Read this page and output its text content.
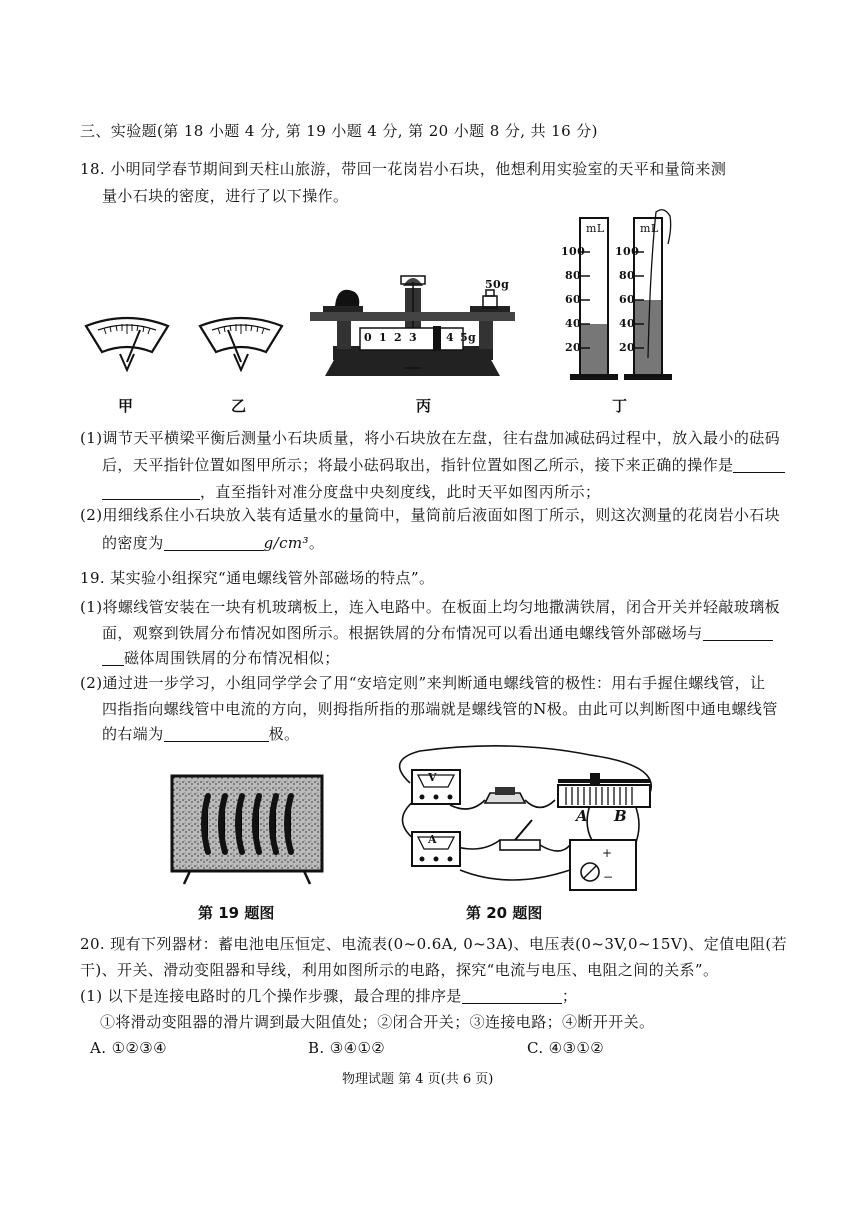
三、实验题(第 18 小题 4 分, 第 19 小题 4 分, 第 20 小题 8 分, 共 16 分)
18. 小明同学春节期间到天柱山旅游，带回一花岗岩小石块，他想利用实验室的天平和量筒来测
量小石块的密度，进行了以下操作。
50g
0 1 2 3	4 5g
mL	mL
100
80
60
40
20
100
80
60
40
20
甲	乙	丙	丁
(1)调节天平横梁平衡后测量小石块质量，将小石块放在左盘，往右盘加减砝码过程中，放入最小的砝码
后，天平指针位置如图甲所示；将最小砝码取出，指针位置如图乙所示，接下来正确的操作是
，直至指针对准分度盘中央刻度线，此时天平如图丙所示；
(2)用细线系住小石块放入装有适量水的量筒中，量筒前后液面如图丁所示，则这次测量的花岗岩小石块
的密度为	g/cm³。
19. 某实验小组探究“通电螺线管外部磁场的特点”。
(1)将螺线管安装在一块有机玻璃板上，连入电路中。在板面上均匀地撒满铁屑，闭合开关并轻敲玻璃板
面，观察到铁屑分布情况如图所示。根据铁屑的分布情况可以看出通电螺线管外部磁场与
磁体周围铁屑的分布情况相似；
(2)通过进一步学习，小组同学学会了用“安培定则”来判断通电螺线管的极性：用右手握住螺线管，让
四指指向螺线管中电流的方向，则拇指所指的那端就是螺线管的N极。由此可以判断图中通电螺线管
的右端为	极。
+
−
V
A
A B
第 19 题图	第 20 题图
20. 现有下列器材：蓄电池电压恒定、电流表(0~0.6A, 0~3A)、电压表(0~3V,0~15V)、定值电阻(若
干)、开关、滑动变阻器和导线，利用如图所示的电路，探究“电流与电压、电阻之间的关系”。
(1) 以下是连接电路时的几个操作步骤，最合理的排序是	；
①将滑动变阻器的滑片调到最大阻值处；②闭合开关；③连接电路；④断开开关。
A. ①②③④	B. ③④①②	C. ④③①②
物理试题 第 4 页(共 6 页)
